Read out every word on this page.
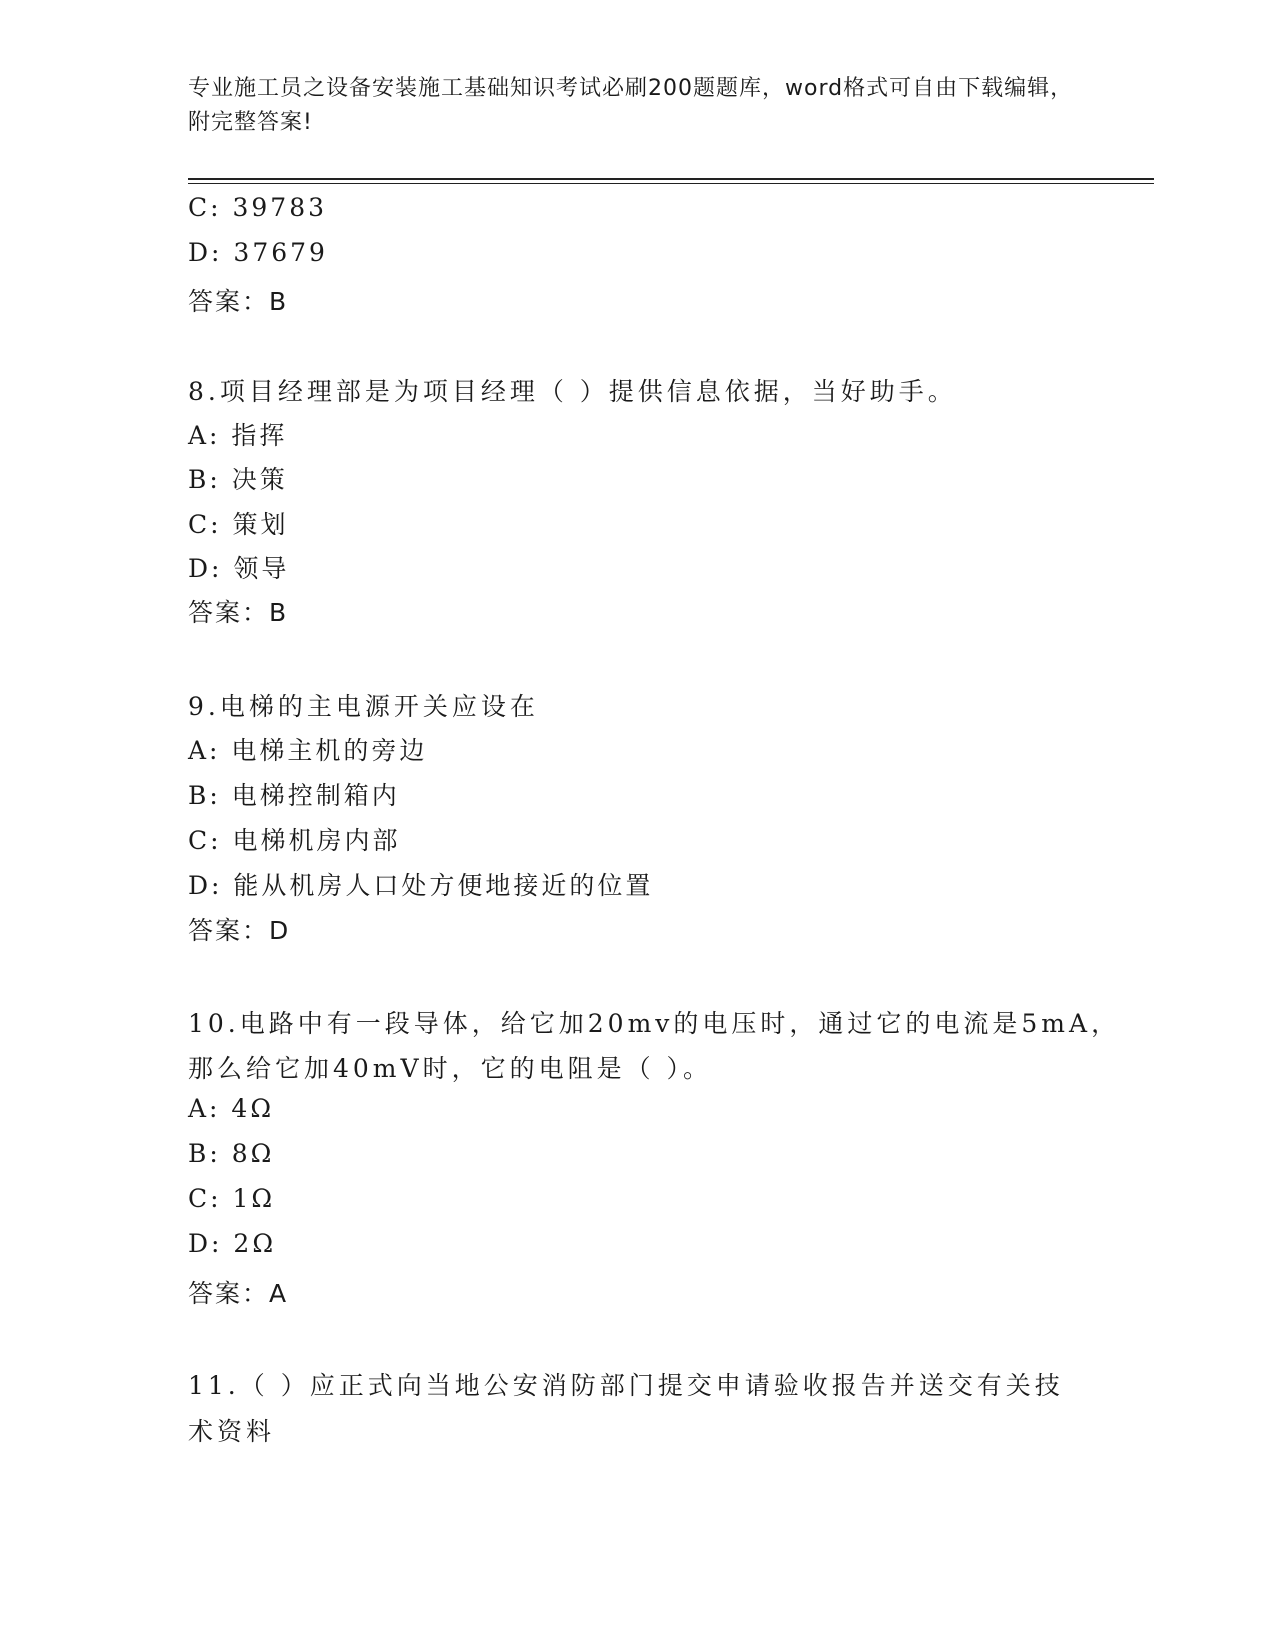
专业施工员之设备安装施工基础知识考试必刷200题题库，word格式可自由下载编辑，附完整答案!
C: 39783
D: 37679
答案：B
8.项目经理部是为项目经理（ ）提供信息依据，当好助手。
A: 指挥
B: 决策
C: 策划
D: 领导
答案：B
9.电梯的主电源开关应设在
A: 电梯主机的旁边
B: 电梯控制箱内
C: 电梯机房内部
D: 能从机房人口处方便地接近的位置
答案：D
10.电路中有一段导体，给它加20mv的电压时，通过它的电流是5mA，
那么给它加40mV时，它的电阻是（ ）。
A: 4Ω
B: 8Ω
C: 1Ω
D: 2Ω
答案：A
11.（ ）应正式向当地公安消防部门提交申请验收报告并送交有关技
术资料
